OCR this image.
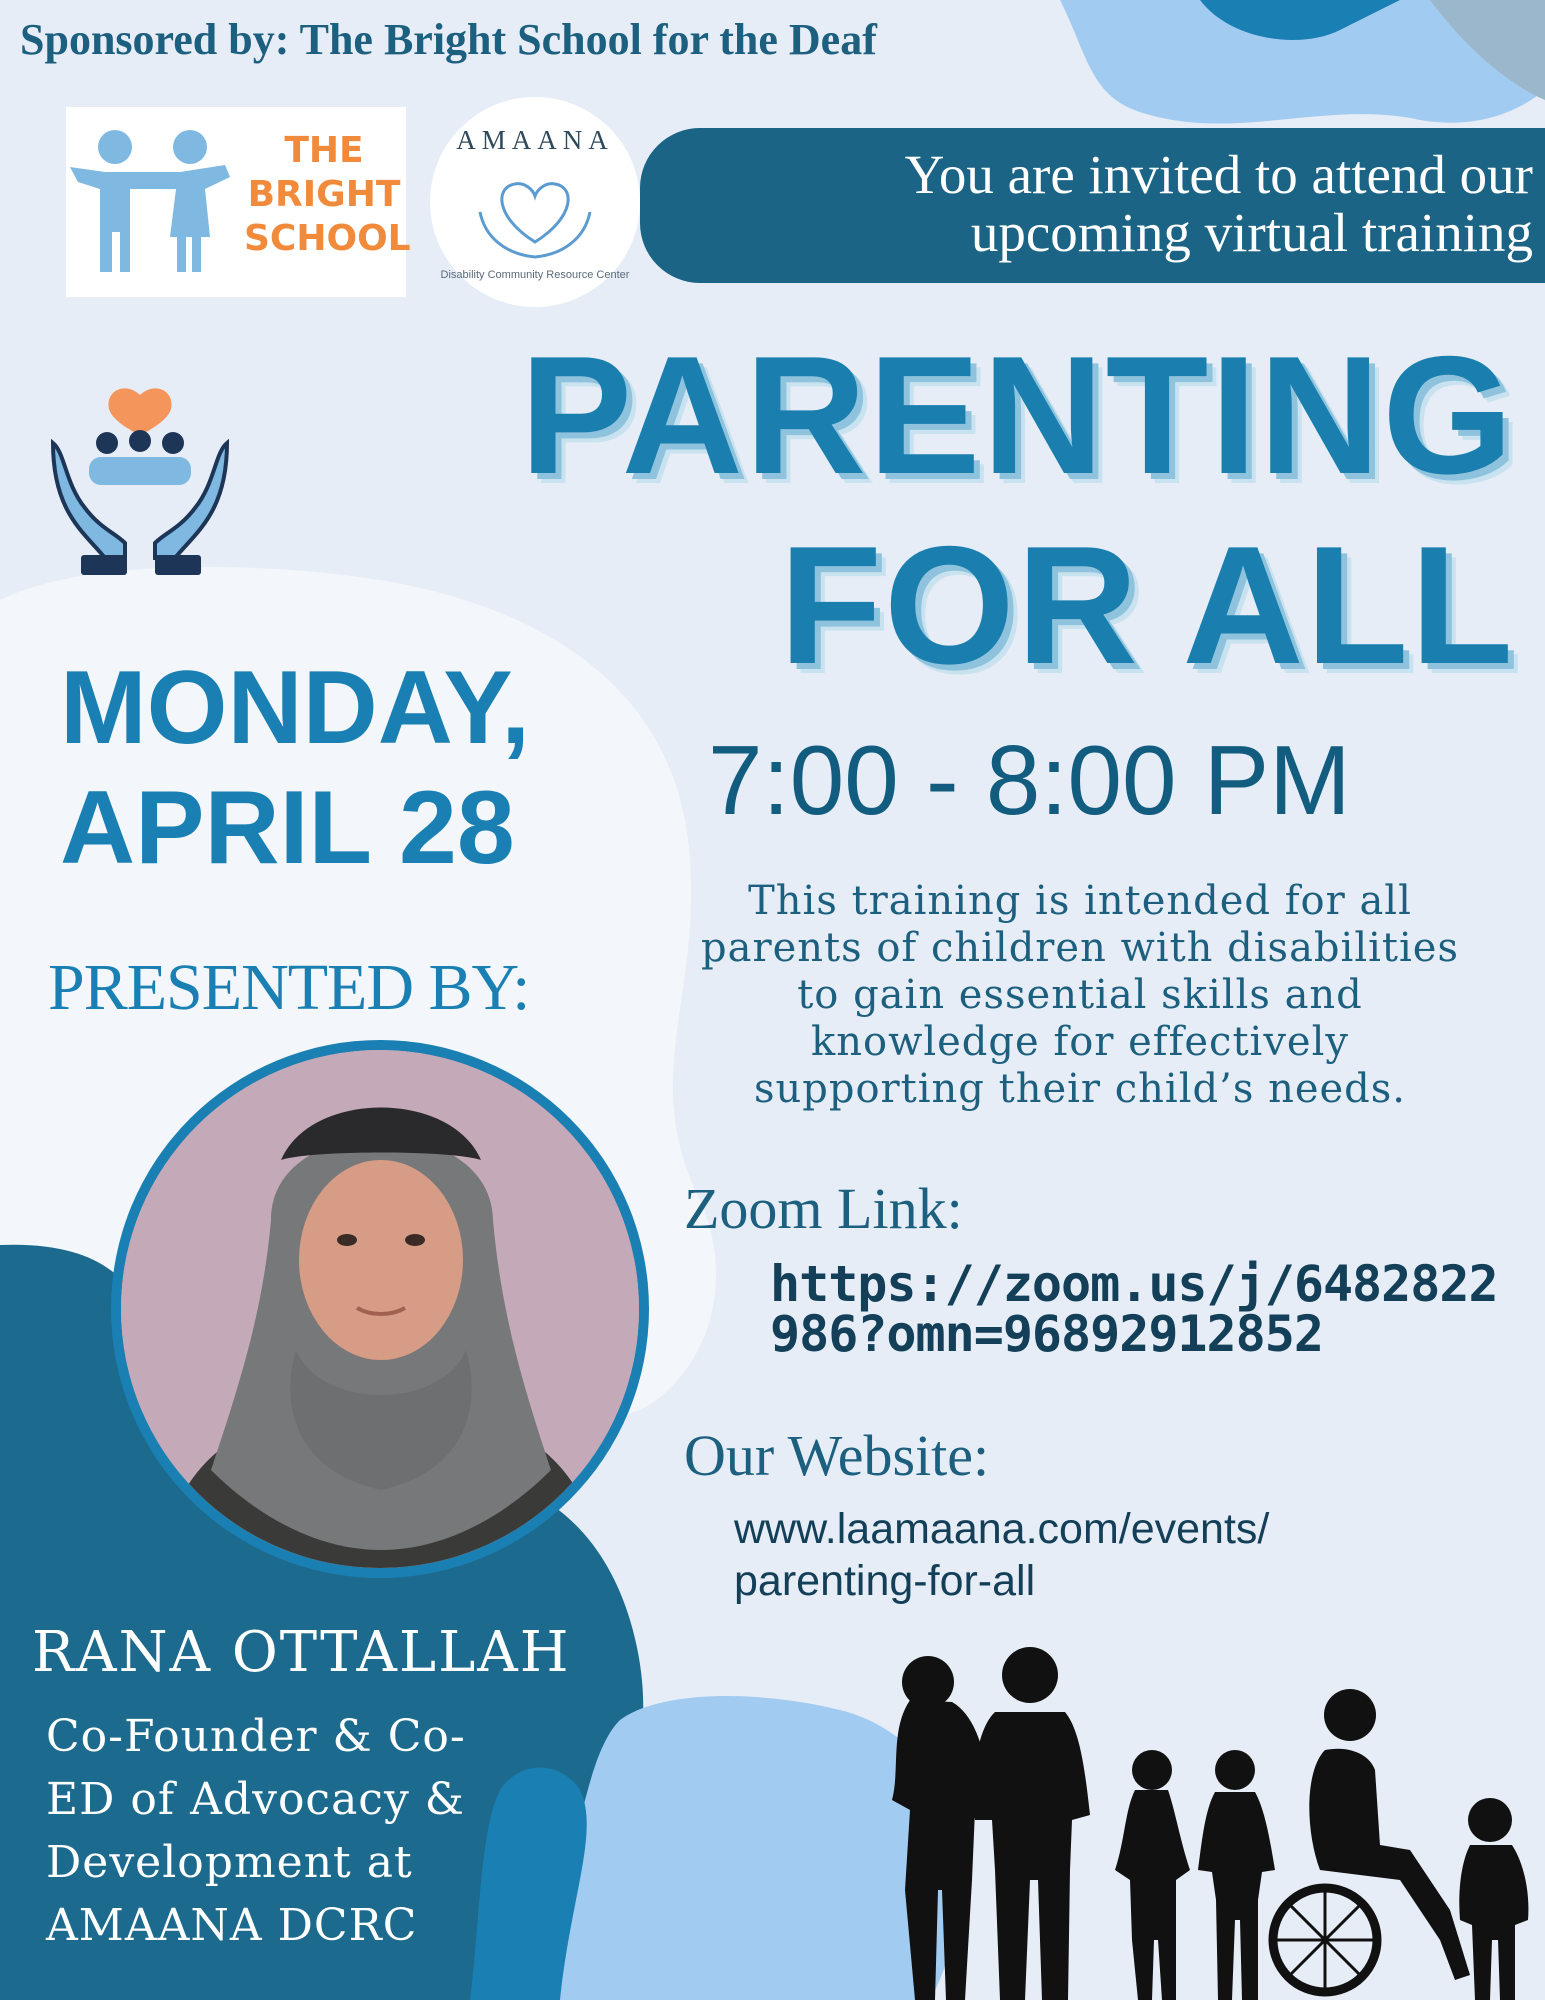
Sponsored by: The Bright School for the Deaf
THE
BRIGHT
SCHOOL
AMAANA
Disability Community Resource Center
You are invited to attend our
upcoming virtual training
PARENTING
FOR ALL
MONDAY,
APRIL 28 7:00 - 8:00 PM
This training is intended for all parents of children with disabilities to gain essential skills and knowledge for effectively supporting their child’s needs.
PRESENTED BY:
Zoom Link:
https://zoom.us/j/6482822
986?omn=96892912852
Our Website:
www.laamaana.com/events/
parenting-for-all
RANA OTTALLAH
Co-Founder & Co-ED of Advocacy & Development at AMAANA DCRC
